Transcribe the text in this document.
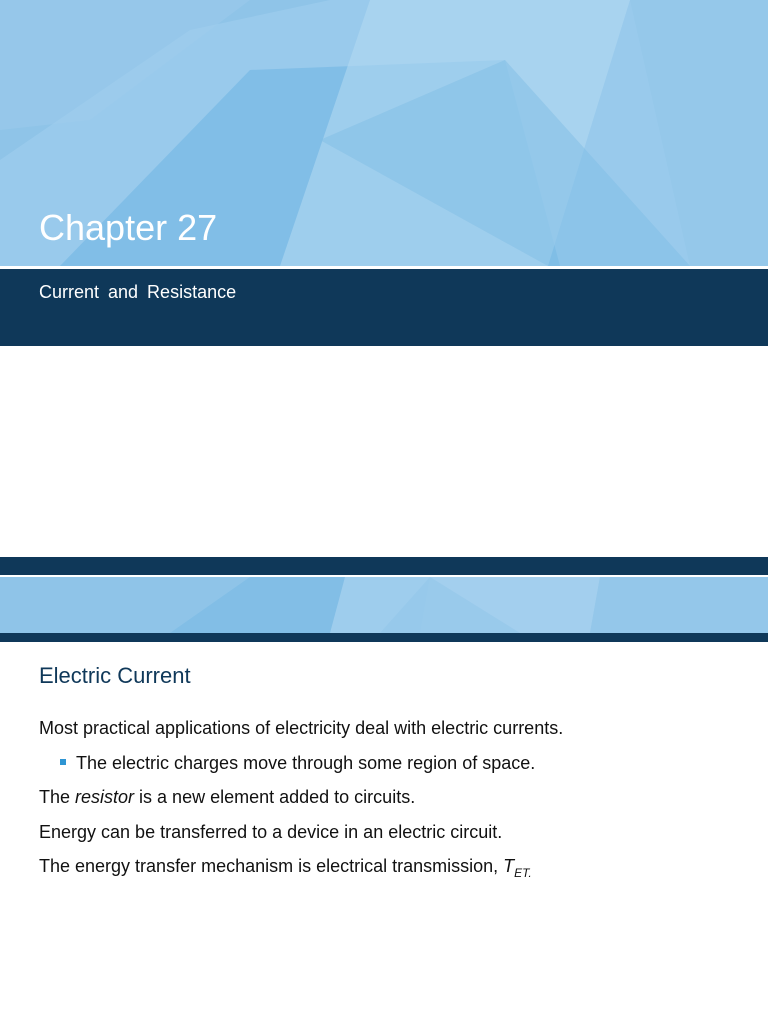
Chapter 27
Current and Resistance
Electric Current
Most practical applications of electricity deal with electric currents.
The electric charges move through some region of space.
The resistor is a new element added to circuits.
Energy can be transferred to a device in an electric circuit.
The energy transfer mechanism is electrical transmission, $T_{ET.}$
